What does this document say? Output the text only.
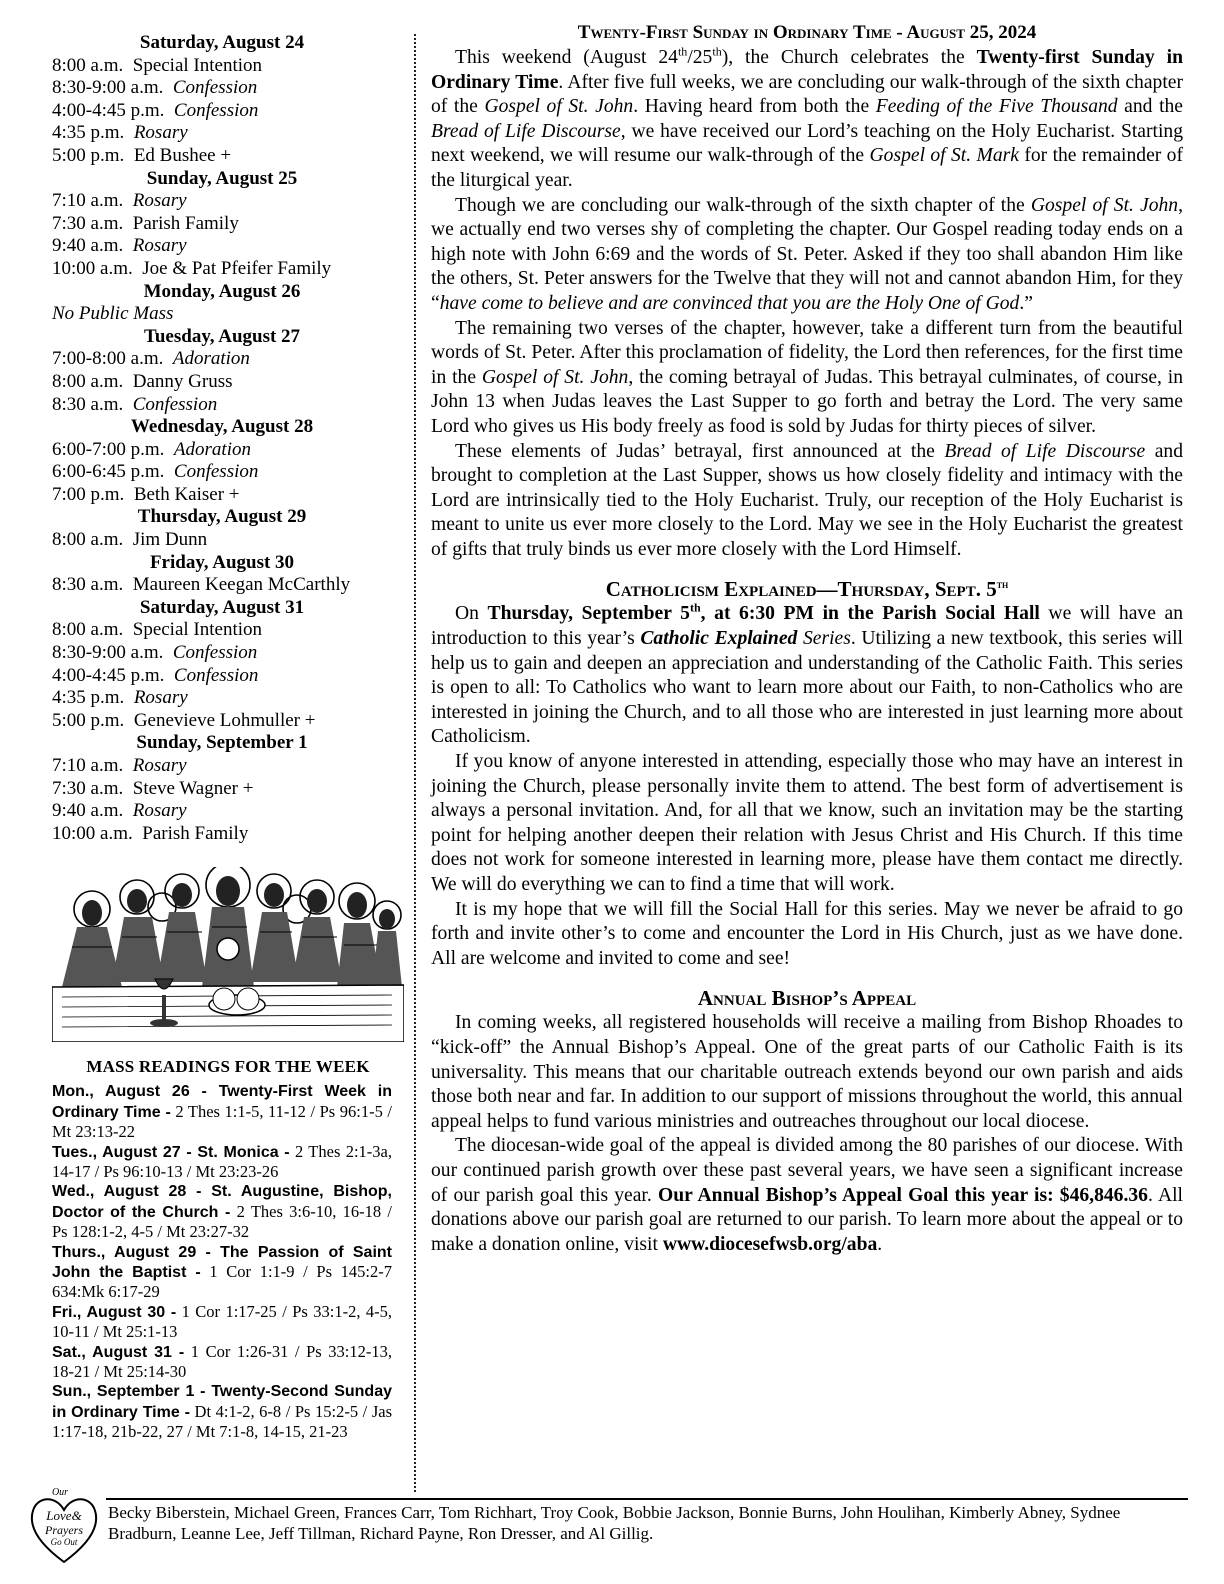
Saturday, August 24
8:00 a.m. Special Intention
8:30-9:00 a.m. Confession
4:00-4:45 p.m. Confession
4:35 p.m. Rosary
5:00 p.m. Ed Bushee +
Sunday, August 25
7:10 a.m. Rosary
7:30 a.m. Parish Family
9:40 a.m. Rosary
10:00 a.m. Joe & Pat Pfeifer Family
Monday, August 26
No Public Mass
Tuesday, August 27
7:00-8:00 a.m. Adoration
8:00 a.m. Danny Gruss
8:30 a.m. Confession
Wednesday, August 28
6:00-7:00 p.m. Adoration
6:00-6:45 p.m. Confession
7:00 p.m. Beth Kaiser +
Thursday, August 29
8:00 a.m. Jim Dunn
Friday, August 30
8:30 a.m. Maureen Keegan McCarthly
Saturday, August 31
8:00 a.m. Special Intention
8:30-9:00 a.m. Confession
4:00-4:45 p.m. Confession
4:35 p.m. Rosary
5:00 p.m. Genevieve Lohmuller +
Sunday, September 1
7:10 a.m. Rosary
7:30 a.m. Steve Wagner +
9:40 a.m. Rosary
10:00 a.m. Parish Family
MASS READINGS FOR THE WEEK
Mon., August 26 - Twenty-First Week in Ordinary Time - 2 Thes 1:1-5, 11-12 / Ps 96:1-5 / Mt 23:13-22
Tues., August 27 - St. Monica - 2 Thes 2:1-3a, 14-17 / Ps 96:10-13 / Mt 23:23-26
Wed., August 28 - St. Augustine, Bishop, Doctor of the Church - 2 Thes 3:6-10, 16-18 / Ps 128:1-2, 4-5 / Mt 23:27-32
Thurs., August 29 - The Passion of Saint John the Baptist - 1 Cor 1:1-9 / Ps 145:2-7 634:Mk 6:17-29
Fri., August 30 - 1 Cor 1:17-25 / Ps 33:1-2, 4-5, 10-11 / Mt 25:1-13
Sat., August 31 - 1 Cor 1:26-31 / Ps 33:12-13, 18-21 / Mt 25:14-30
Sun., September 1 - Twenty-Second Sunday in Ordinary Time - Dt 4:1-2, 6-8 / Ps 15:2-5 / Jas 1:17-18, 21b-22, 27 / Mt 7:1-8, 14-15, 21-23
Twenty-First Sunday in Ordinary Time - August 25, 2024

This weekend (August 24th/25th), the Church celebrates the Twenty-first Sunday in Ordinary Time. After five full weeks, we are concluding our walk-through of the sixth chapter of the Gospel of St. John. Having heard from both the Feeding of the Five Thousand and the Bread of Life Discourse, we have received our Lord’s teaching on the Holy Eucharist. Starting next weekend, we will resume our walk-through of the Gospel of St. Mark for the remainder of the liturgical year.

Though we are concluding our walk-through of the sixth chapter of the Gospel of St. John, we actually end two verses shy of completing the chapter. Our Gospel reading today ends on a high note with John 6:69 and the words of St. Peter. Asked if they too shall abandon Him like the others, St. Peter answers for the Twelve that they will not and cannot abandon Him, for they “have come to believe and are convinced that you are the Holy One of God.”

The remaining two verses of the chapter, however, take a different turn from the beautiful words of St. Peter. After this proclamation of fidelity, the Lord then references, for the first time in the Gospel of St. John, the coming betrayal of Judas. This betrayal culminates, of course, in John 13 when Judas leaves the Last Supper to go forth and betray the Lord. The very same Lord who gives us His body freely as food is sold by Judas for thirty pieces of silver.

These elements of Judas’ betrayal, first announced at the Bread of Life Discourse and brought to completion at the Last Supper, shows us how closely fidelity and intimacy with the Lord are intrinsically tied to the Holy Eucharist. Truly, our reception of the Holy Eucharist is meant to unite us ever more closely to the Lord. May we see in the Holy Eucharist the greatest of gifts that truly binds us ever more closely with the Lord Himself.

Catholicism Explained—Thursday, Sept. 5th

On Thursday, September 5th, at 6:30 PM in the Parish Social Hall we will have an introduction to this year’s Catholic Explained Series. Utilizing a new textbook, this series will help us to gain and deepen an appreciation and understanding of the Catholic Faith. This series is open to all: To Catholics who want to learn more about our Faith, to non-Catholics who are interested in joining the Church, and to all those who are interested in just learning more about Catholicism.

If you know of anyone interested in attending, especially those who may have an interest in joining the Church, please personally invite them to attend. The best form of advertisement is always a personal invitation. And, for all that we know, such an invitation may be the starting point for helping another deepen their relation with Jesus Christ and His Church. If this time does not work for someone interested in learning more, please have them contact me directly. We will do everything we can to find a time that will work.

It is my hope that we will fill the Social Hall for this series. May we never be afraid to go forth and invite other’s to come and encounter the Lord in His Church, just as we have done. All are welcome and invited to come and see!

Annual Bishop’s Appeal

In coming weeks, all registered households will receive a mailing from Bishop Rhoades to “kick-off” the Annual Bishop’s Appeal. One of the great parts of our Catholic Faith is its universality. This means that our charitable outreach extends beyond our own parish and aids those both near and far. In addition to our support of missions throughout the world, this annual appeal helps to fund various ministries and outreaches throughout our local diocese.

The diocesan-wide goal of the appeal is divided among the 80 parishes of our diocese. With our continued parish growth over these past several years, we have seen a significant increase of our parish goal this year. Our Annual Bishop’s Appeal Goal this year is: $46,846.36. All donations above our parish goal are returned to our parish. To learn more about the appeal or to make a donation online, visit www.diocesefwsb.org/aba.

Our
Love&
Prayers
Go Out
Becky Biberstein, Michael Green, Frances Carr, Tom Richhart, Troy Cook, Bobbie Jackson, Bonnie Burns, John Houlihan, Kimberly Abney, Sydnee Bradburn, Leanne Lee, Jeff Tillman, Richard Payne, Ron Dresser, and Al Gillig.
